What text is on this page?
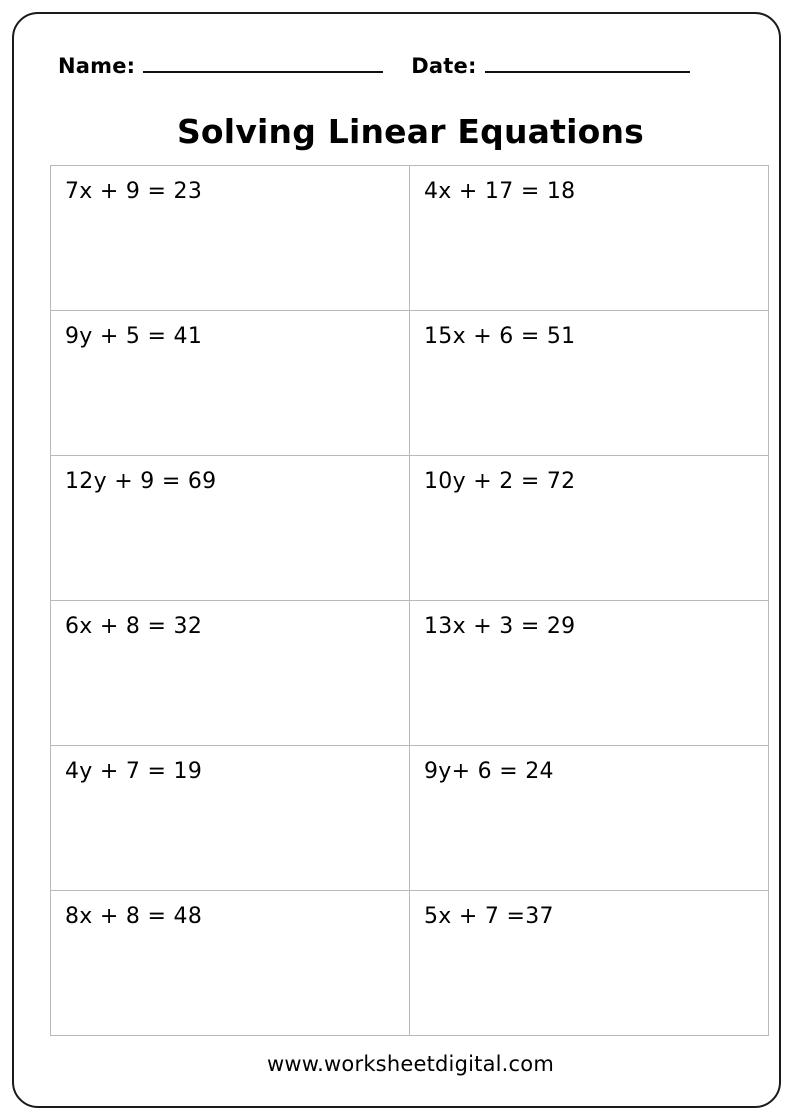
Name:	Date:
Solving Linear Equations
7x + 9 = 23	4x + 17 = 18
9y + 5 = 41	15x + 6 = 51
12y + 9 = 69	10y + 2 = 72
6x + 8 = 32	13x + 3 = 29
4y + 7 = 19	9y+ 6 = 24
8x + 8 = 48	5x + 7 =37
www.worksheetdigital.com
